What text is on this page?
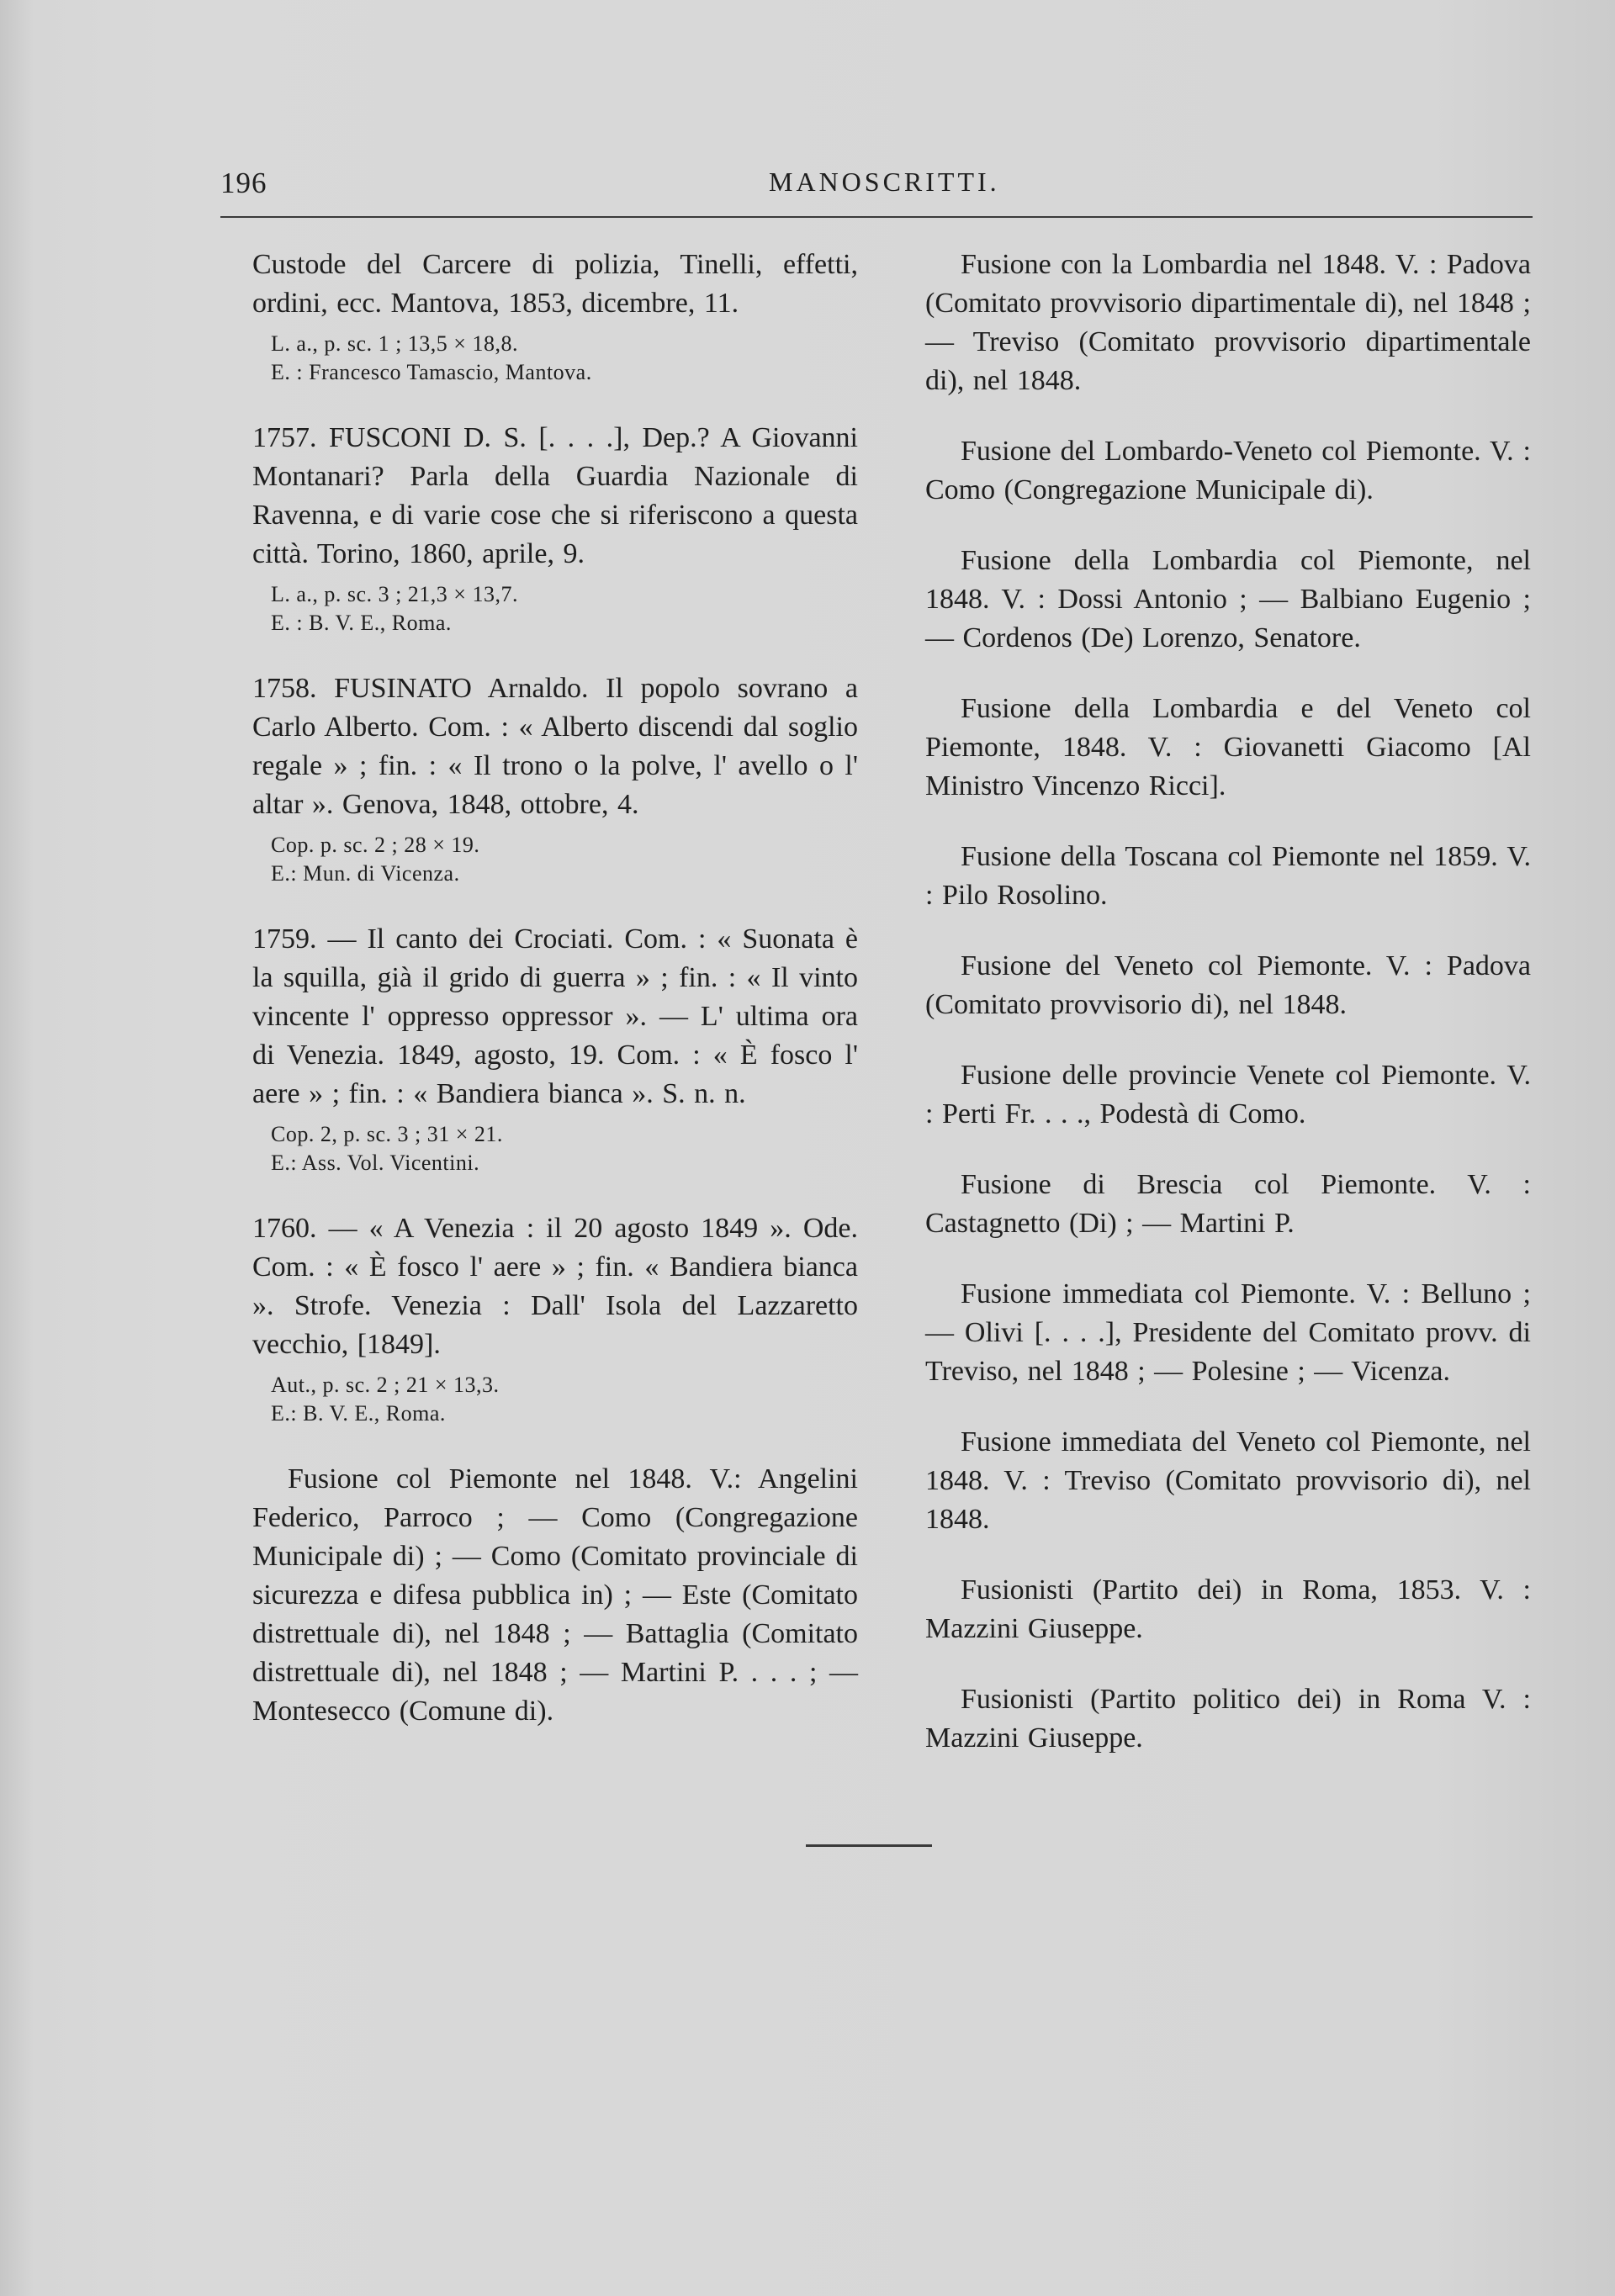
196	MANOSCRITTI.

Custode del Carcere di polizia, Tinelli, effetti, ordini, ecc. Mantova, 1853, dicembre, 11.

L. a., p. sc. 1 ; 13,5 × 18,8.
E. : Francesco Tamascio, Mantova.

1757. FUSCONI D. S. [. . . .], Dep.? A Giovanni Montanari? Parla della Guardia Nazionale di Ravenna, e di varie cose che si riferiscono a questa città. Torino, 1860, aprile, 9.

L. a., p. sc. 3 ; 21,3 × 13,7.
E. : B. V. E., Roma.

1758. FUSINATO Arnaldo. Il popolo sovrano a Carlo Alberto. Com. : « Alberto discendi dal soglio regale » ; fin. : « Il trono o la polve, l' avello o l' altar ». Genova, 1848, ottobre, 4.

Cop. p. sc. 2 ; 28 × 19.
E.: Mun. di Vicenza.

1759. — Il canto dei Crociati. Com. : « Suonata è la squilla, già il grido di guerra » ; fin. : « Il vinto vincente l' oppresso oppressor ». — L' ultima ora di Venezia. 1849, agosto, 19. Com. : « È fosco l' aere » ; fin. : « Bandiera bianca ». S. n. n.

Cop. 2, p. sc. 3 ; 31 × 21.
E.: Ass. Vol. Vicentini.

1760. — « A Venezia : il 20 agosto 1849 ». Ode. Com. : « È fosco l' aere » ; fin. « Bandiera bianca ». Strofe. Venezia : Dall' Isola del Lazzaretto vecchio, [1849].

Aut., p. sc. 2 ; 21 × 13,3.
E.: B. V. E., Roma.

Fusione col Piemonte nel 1848. V.: Angelini Federico, Parroco ; — Como (Congregazione Municipale di) ; — Como (Comitato provinciale di sicurezza e difesa pubblica in) ; — Este (Comitato distrettuale di), nel 1848 ; — Battaglia (Comitato distrettuale di), nel 1848 ; — Martini P. . . . ; — Montesecco (Comune di).

Fusione con la Lombardia nel 1848. V. : Padova (Comitato provvisorio dipartimentale di), nel 1848 ; — Treviso (Comitato provvisorio dipartimentale di), nel 1848.

Fusione del Lombardo-Veneto col Piemonte. V. : Como (Congregazione Municipale di).

Fusione della Lombardia col Piemonte, nel 1848. V. : Dossi Antonio ; — Balbiano Eugenio ; — Cordenos (De) Lorenzo, Senatore.

Fusione della Lombardia e del Veneto col Piemonte, 1848. V. : Giovanetti Giacomo [Al Ministro Vincenzo Ricci].

Fusione della Toscana col Piemonte nel 1859. V. : Pilo Rosolino.

Fusione del Veneto col Piemonte. V. : Padova (Comitato provvisorio di), nel 1848.

Fusione delle provincie Venete col Piemonte. V. : Perti Fr. . . ., Podestà di Como.

Fusione di Brescia col Piemonte. V. : Castagnetto (Di) ; — Martini P.

Fusione immediata col Piemonte. V. : Belluno ; — Olivi [. . . .], Presidente del Comitato provv. di Treviso, nel 1848 ; — Polesine ; — Vicenza.

Fusione immediata del Veneto col Piemonte, nel 1848. V. : Treviso (Comitato provvisorio di), nel 1848.

Fusionisti (Partito dei) in Roma, 1853. V. : Mazzini Giuseppe.

Fusionisti (Partito politico dei) in Roma V. : Mazzini Giuseppe.
